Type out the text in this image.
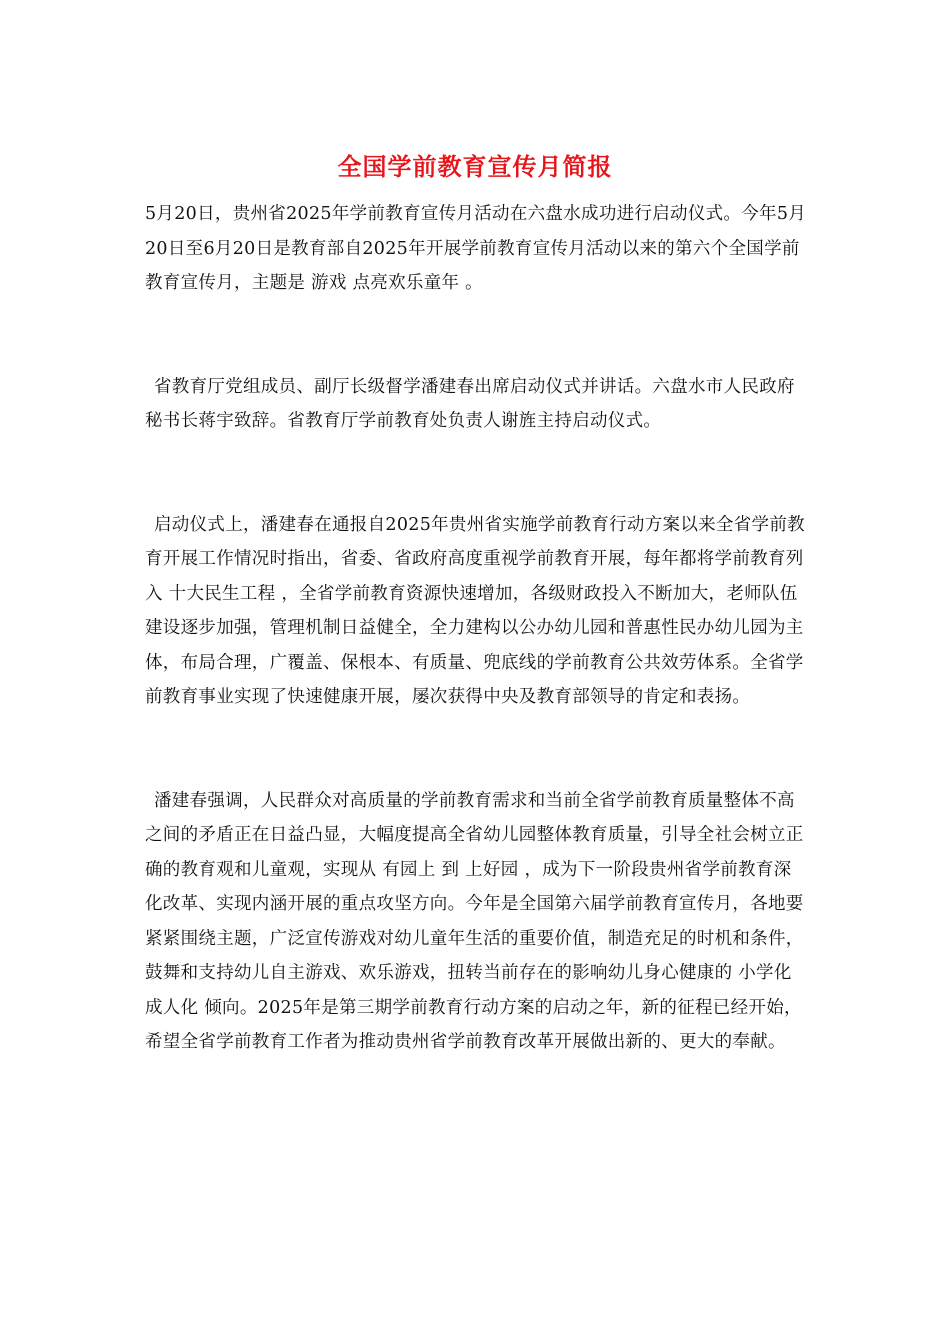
全国学前教育宣传月简报

5月20日，贵州省2025年学前教育宣传月活动在六盘水成功进行启动仪式。今年5月20日至6月20日是教育部自2025年开展学前教育宣传月活动以来的第六个全国学前教育宣传月，主题是 游戏 点亮欢乐童年 。

省教育厅党组成员、副厅长级督学潘建春出席启动仪式并讲话。六盘水市人民政府秘书长蒋宇致辞。省教育厅学前教育处负责人谢旌主持启动仪式。

启动仪式上，潘建春在通报自2025年贵州省实施学前教育行动方案以来全省学前教育开展工作情况时指出，省委、省政府高度重视学前教育开展，每年都将学前教育列入 十大民生工程 ，全省学前教育资源快速增加，各级财政投入不断加大，老师队伍建设逐步加强，管理机制日益健全，全力建构以公办幼儿园和普惠性民办幼儿园为主体，布局合理，广覆盖、保根本、有质量、兜底线的学前教育公共效劳体系。全省学前教育事业实现了快速健康开展，屡次获得中央及教育部领导的肯定和表扬。

潘建春强调，人民群众对高质量的学前教育需求和当前全省学前教育质量整体不高之间的矛盾正在日益凸显，大幅度提高全省幼儿园整体教育质量，引导全社会树立正确的教育观和儿童观，实现从 有园上 到 上好园 ，成为下一阶段贵州省学前教育深化改革、实现内涵开展的重点攻坚方向。今年是全国第六届学前教育宣传月，各地要紧紧围绕主题，广泛宣传游戏对幼儿童年生活的重要价值，制造充足的时机和条件，鼓舞和支持幼儿自主游戏、欢乐游戏，扭转当前存在的影响幼儿身心健康的 小学化 成人化 倾向。2025年是第三期学前教育行动方案的启动之年，新的征程已经开始，希望全省学前教育工作者为推动贵州省学前教育改革开展做出新的、更大的奉献。
